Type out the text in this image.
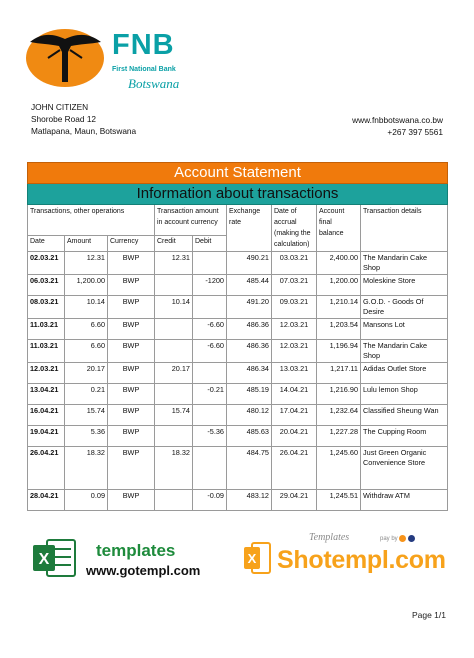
FNB
First National Bank
Botswana
JOHN CITIZEN
Shorobe Road 12
Matlapana, Maun, Botswana
www.fnbbotswana.co.bw
+267 397 5561
Account Statement								
Information about transactions								
Transactions, other operations			Transaction amount in account currency		Exchange rate	Date of accrual (making the calculation)	Account final balance	Transaction details
Date	Amount	Currency	Credit	Debit				
02.03.21	12.31	BWP	12.31		490.21	03.03.21	2,400.00	The Mandarin Cake Shop
06.03.21	1,200.00	BWP		-1200	485.44	07.03.21	1,200.00	Moleskine Store
08.03.21	10.14	BWP	10.14		491.20	09.03.21	1,210.14	G.O.D. - Goods Of Desire
11.03.21	6.60	BWP		-6.60	486.36	12.03.21	1,203.54	Mansons Lot
11.03.21	6.60	BWP		-6.60	486.36	12.03.21	1,196.94	The Mandarin Cake Shop
12.03.21	20.17	BWP	20.17		486.34	13.03.21	1,217.11	Adidas Outlet Store
13.04.21	0.21	BWP		-0.21	485.19	14.04.21	1,216.90	Lulu lemon Shop
16.04.21	15.74	BWP	15.74		480.12	17.04.21	1,232.64	Classified Sheung Wan
19.04.21	5.36	BWP		-5.36	485.63	20.04.21	1,227.28	The Cupping Room
26.04.21	18.32	BWP	18.32		484.75	26.04.21	1,245.60	Just Green Organic Convenience Store
28.04.21	0.09	BWP		-0.09	483.12	29.04.21	1,245.51	Withdraw ATM
X	templates
www.gotempl.com
X
Templates	pay by
Shotempl.com
Page 1/1
